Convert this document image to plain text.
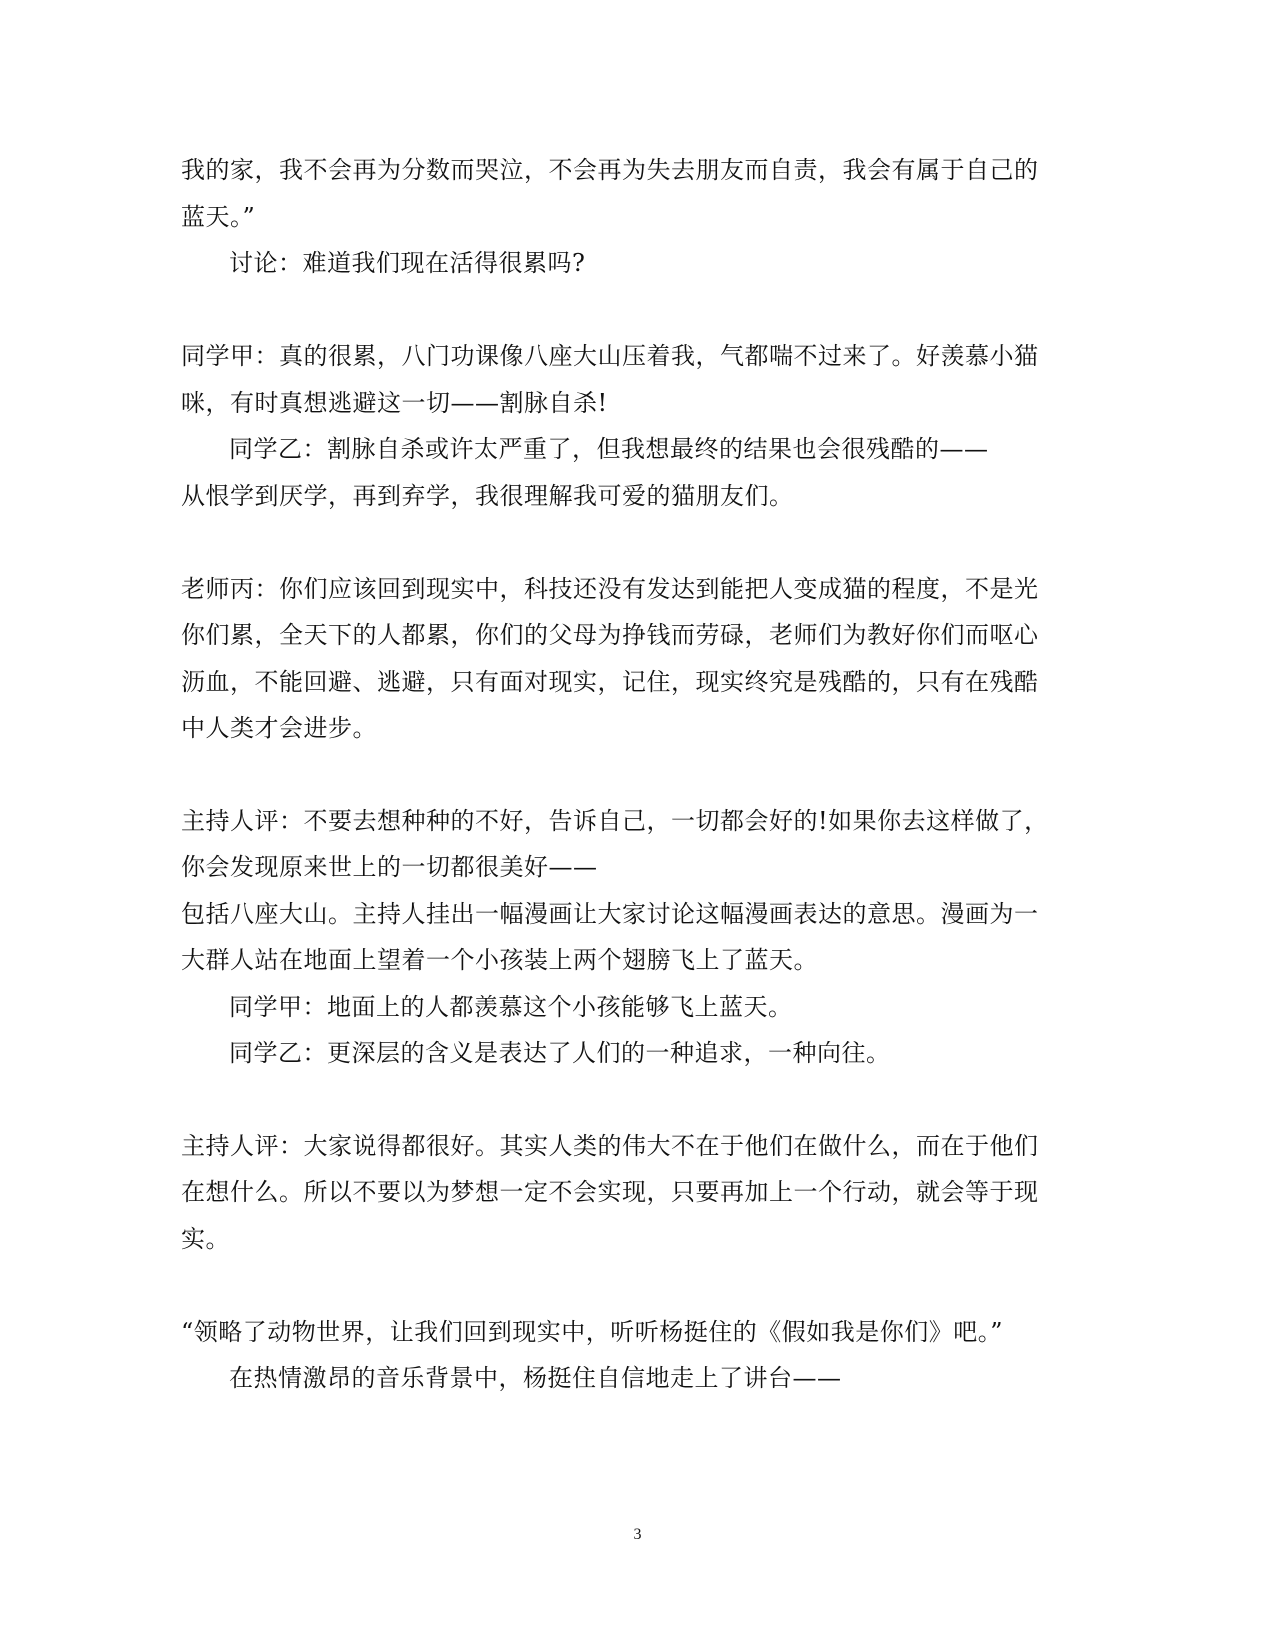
我的家，我不会再为分数而哭泣，不会再为失去朋友而自责，我会有属于自己的
蓝天。”
讨论：难道我们现在活得很累吗?
同学甲：真的很累，八门功课像八座大山压着我，气都喘不过来了。好羡慕小猫
咪，有时真想逃避这一切——割脉自杀!
同学乙：割脉自杀或许太严重了，但我想最终的结果也会很残酷的——
从恨学到厌学，再到弃学，我很理解我可爱的猫朋友们。
老师丙：你们应该回到现实中，科技还没有发达到能把人变成猫的程度，不是光
你们累，全天下的人都累，你们的父母为挣钱而劳碌，老师们为教好你们而呕心
沥血，不能回避、逃避，只有面对现实，记住，现实终究是残酷的，只有在残酷
中人类才会进步。
主持人评：不要去想种种的不好，告诉自己，一切都会好的!如果你去这样做了，
你会发现原来世上的一切都很美好——
包括八座大山。主持人挂出一幅漫画让大家讨论这幅漫画表达的意思。漫画为一
大群人站在地面上望着一个小孩装上两个翅膀飞上了蓝天。
同学甲：地面上的人都羡慕这个小孩能够飞上蓝天。
同学乙：更深层的含义是表达了人们的一种追求，一种向往。
主持人评：大家说得都很好。其实人类的伟大不在于他们在做什么，而在于他们
在想什么。所以不要以为梦想一定不会实现，只要再加上一个行动，就会等于现
实。
“领略了动物世界，让我们回到现实中，听听杨挺住的《假如我是你们》吧。”
在热情激昂的音乐背景中，杨挺住自信地走上了讲台——
3
